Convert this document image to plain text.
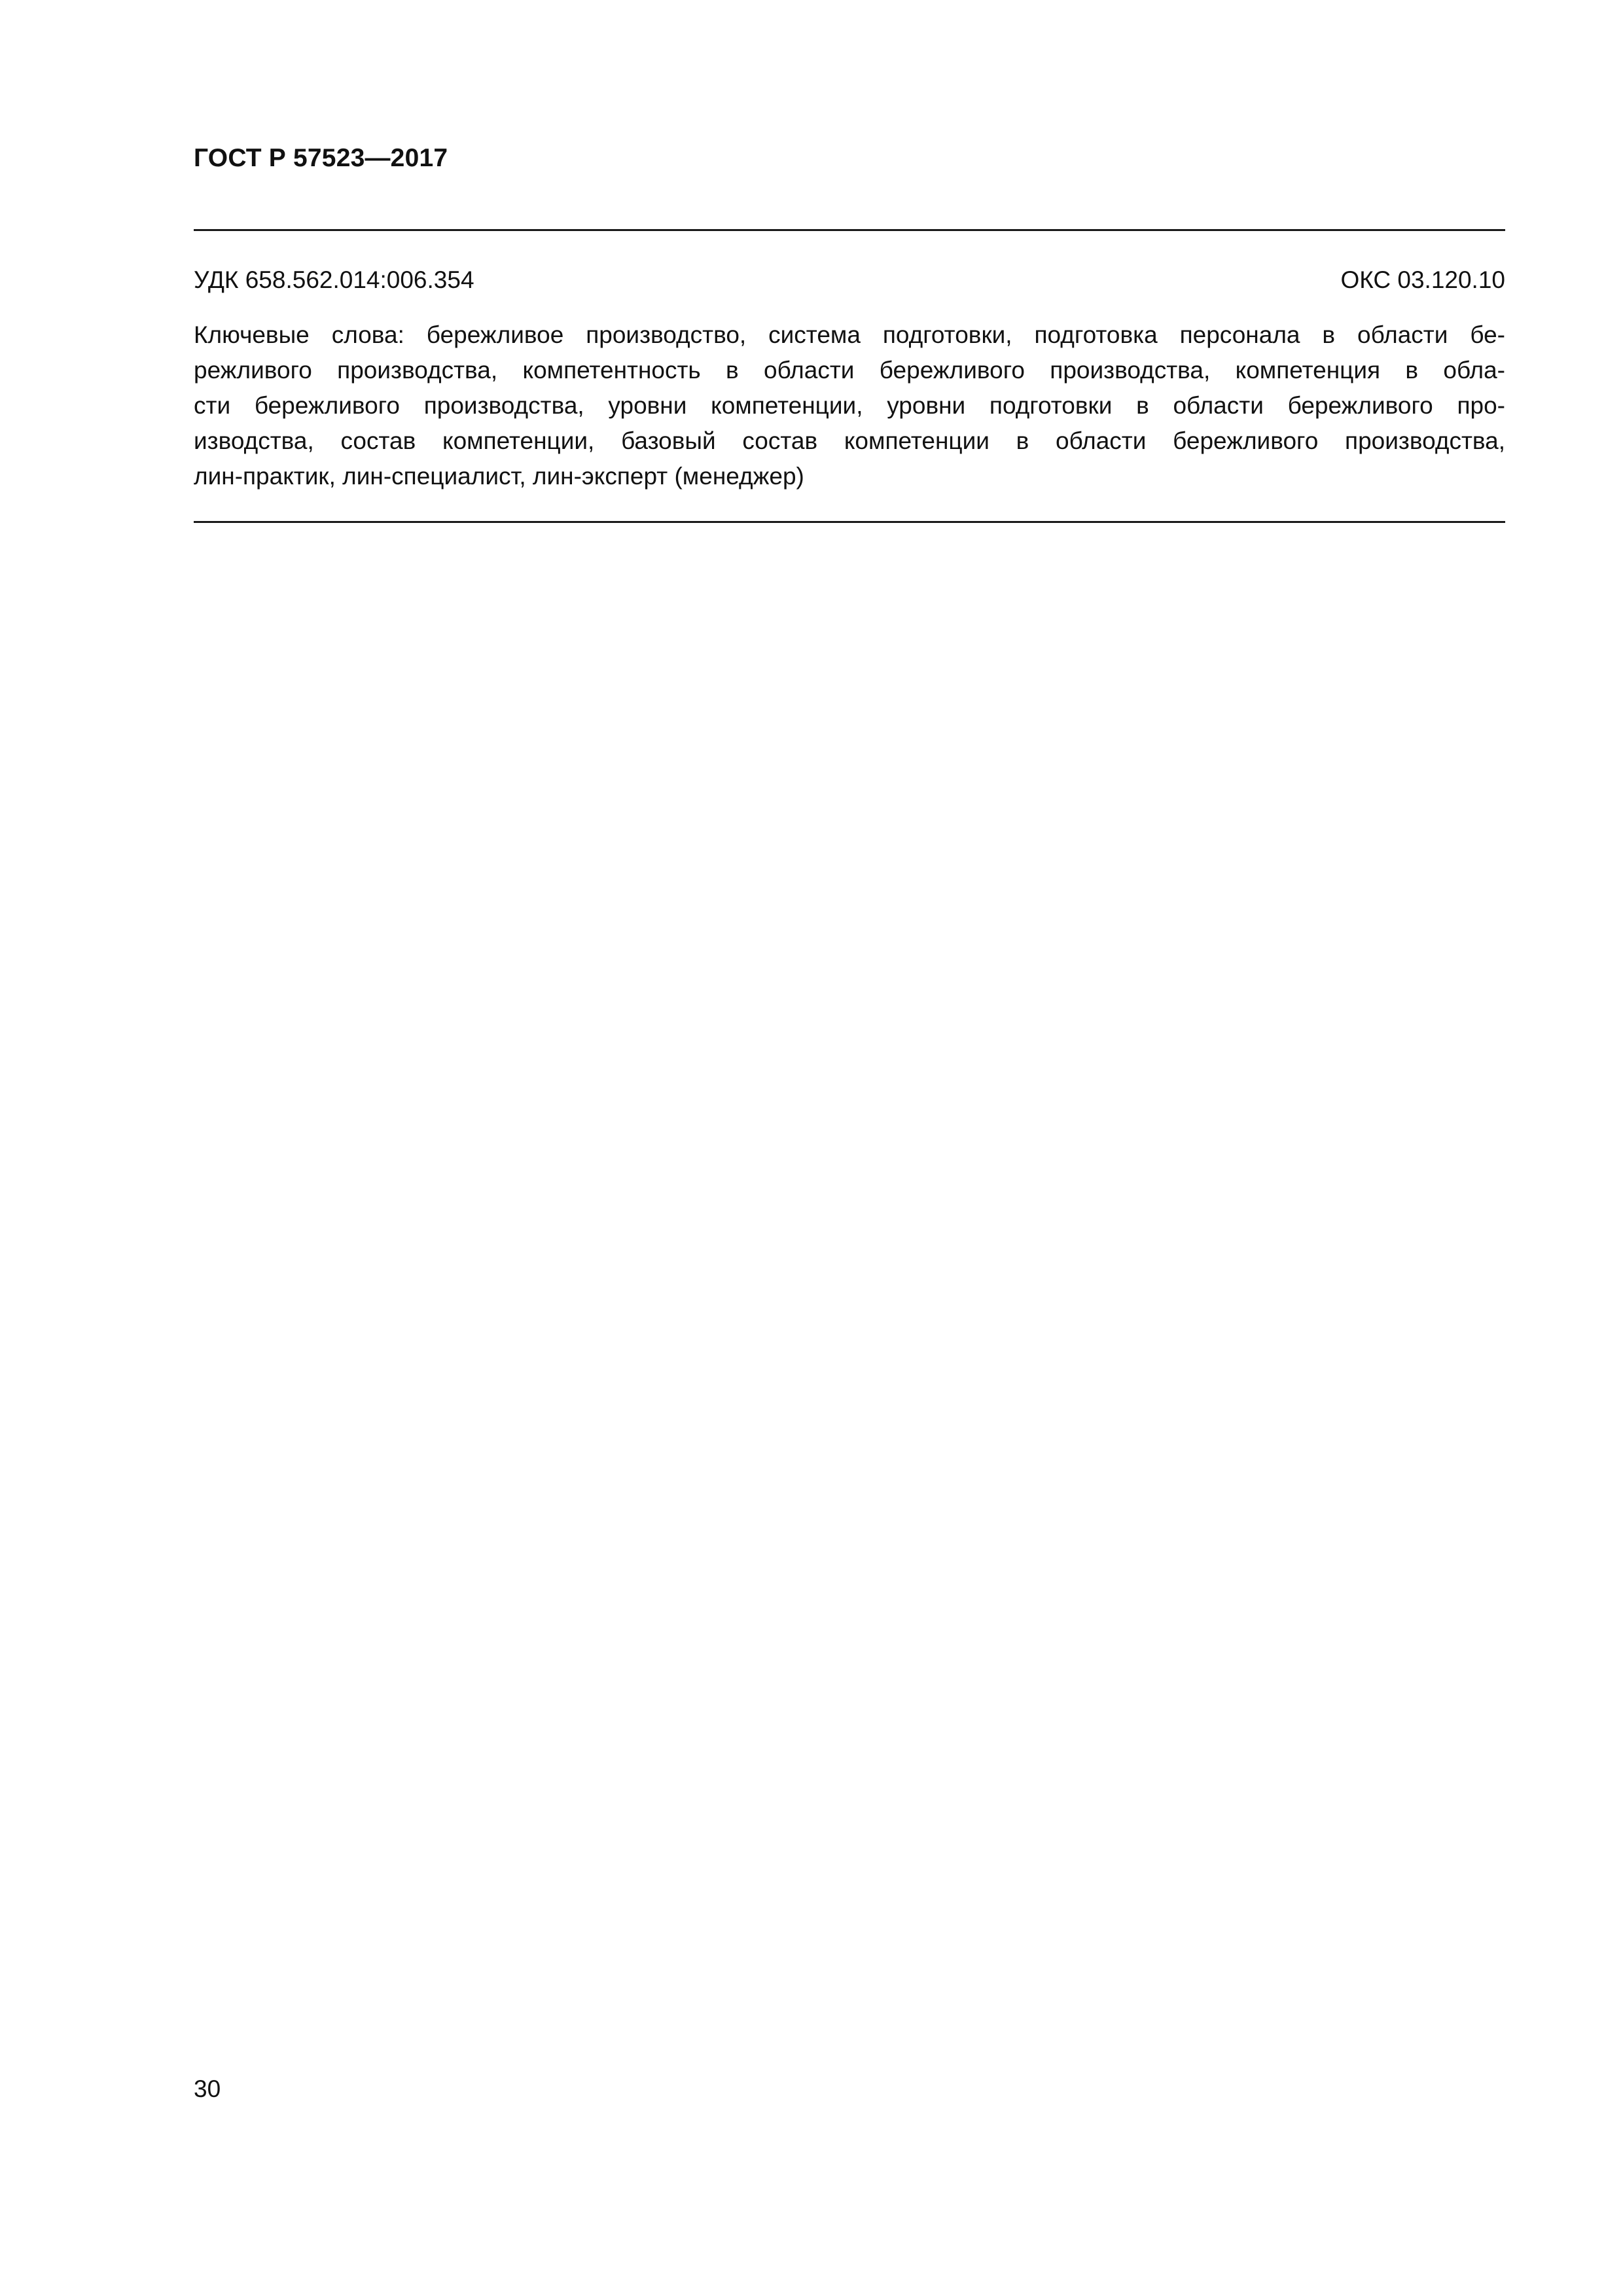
ГОСТ Р 57523—2017
УДК 658.562.014:006.354	ОКС 03.120.10
Ключевые слова: бережливое производство, система подготовки, подготовка персонала в области бе-
режливого производства, компетентность в области бережливого производства, компетенция в обла-
сти бережливого производства, уровни компетенции, уровни подготовки в области бережливого про-
изводства, состав компетенции, базовый состав компетенции в области бережливого производства,
лин-практик, лин-специалист, лин-эксперт (менеджер)
30
